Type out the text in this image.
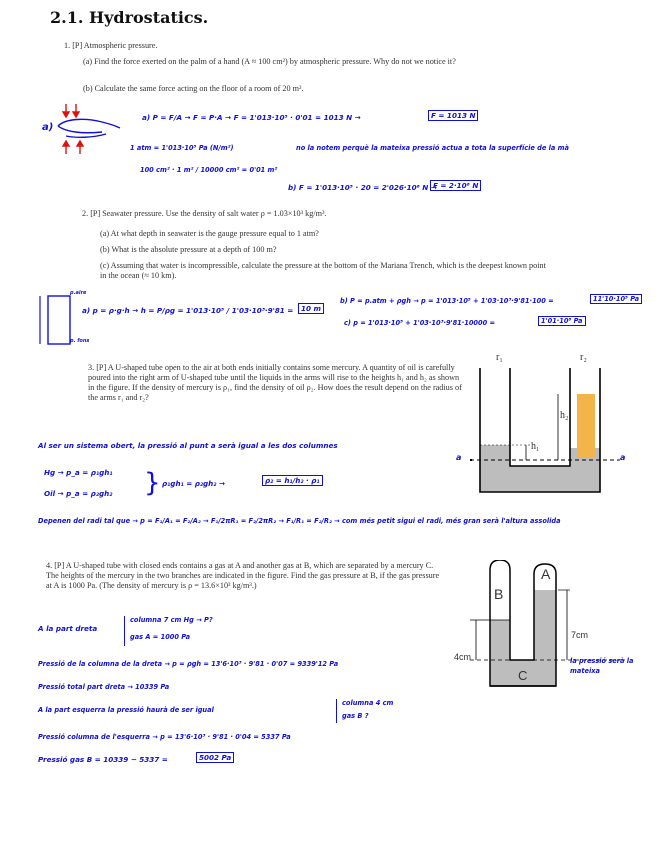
2.1. Hydrostatics.
1. [P] Atmospheric pressure.
(a) Find the force exerted on the palm of a hand (A ≈ 100 cm²) by atmospheric pressure. Why do not we notice it?
(b) Calculate the same force acting on the floor of a room of 20 m².
a)
a) P = F/A → F = P·A → F = 1'013·10⁵ · 0'01 = 1013 N →	F = 1013 N
1 atm = 1'013·10⁵ Pa (N/m²)
100 cm² · 1 m² / 10000 cm² = 0'01 m²
no la notem perquè la mateixa pressió actua a tota la superfície de la mà
b) F = 1'013·10⁵ · 20 = 2'026·10⁶ N →
F = 2·10⁶ N
2. [P] Seawater pressure. Use the density of salt water ρ = 1.03×10³ kg/m³.
(a) At what depth in seawater is the gauge pressure equal to 1 atm?
(b) What is the absolute pressure at a depth of 100 m?
(c) Assuming that water is incompressible, calculate the pressure at the bottom of the Mariana Trench, which is the deepest known point in the ocean (≈ 10 km).
p.aire
p. fons
a) p = ρ·g·h → h = P/ρg = 1'013·10⁵ / 1'03·10³·9'81 =	10 m
b) P = p.atm + ρgh → p = 1'013·10⁵ + 1'03·10³·9'81·100 =	11'10·10⁵ Pa
c) p = 1'013·10⁵ + 1'03·10³·9'81·10000 =	1'01·10⁸ Pa
3. [P] A U-shaped tube open to the air at both ends initially contains some mercury. A quantity of oil is carefully poured into the right arm of U-shaped tube until the liquids in the arms will rise to the heights h₁ and h₂ as shown in the figure. If the density of mercury is ρ₁, find the density of oil ρ₂. How does the result depend on the radius of the arms r₁ and r₂?
r₁	r₂
h₁
h₂
a	a
Al ser un sistema obert, la pressió al punt a serà igual a les dos columnes
Hg → p_a = ρ₁gh₁
Oil → p_a = ρ₂gh₂ } ρ₁gh₁ = ρ₂gh₂ →	ρ₂ = h₁/h₂ · ρ₁
Depenen del radi tal que → p = F₁/A₁ = F₂/A₂ → F₁/2πR₁ = F₂/2πR₂ → F₁/R₁ = F₂/R₂ → com més petit sigui el radi, més gran serà l'altura assolida
4. [P] A U-shaped tube with closed ends contains a gas at A and another gas at B, which are separated by a mercury C. The heights of the mercury in the two branches are indicated in the figure. Find the gas pressure at B, if the gas pressure at A is 1000 Pa. (The density of mercury is ρ = 13.6×10³ kg/m³.)
B
A
C
7cm
4cm	la pressió serà la mateixa
A la part dreta
columna 7 cm Hg → P?
gas A = 1000 Pa
Pressió de la columna de la dreta → p = ρgh = 13'6·10³ · 9'81 · 0'07 = 9339'12 Pa
Pressió total part dreta → 10339 Pa
A la part esquerra la pressió haurà de ser igual
columna 4 cm
gas B ?
Pressió columna de l'esquerra → p = 13'6·10³ · 9'81 · 0'04 = 5337 Pa
Pressió gas B = 10339 − 5337 =	5002 Pa
